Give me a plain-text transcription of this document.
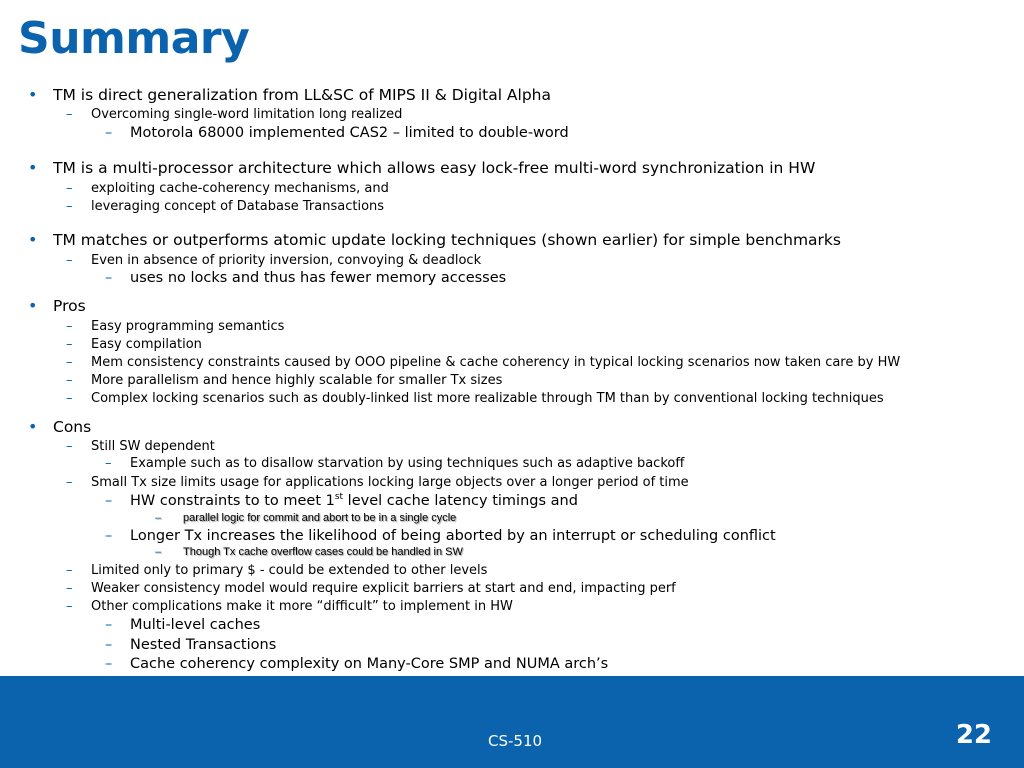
Summary
• TM is direct generalization from LL&SC of MIPS II & Digital Alpha
– Overcoming single-word limitation long realized
– Motorola 68000 implemented CAS2 – limited to double-word
• TM is a multi-processor architecture which allows easy lock-free multi-word synchronization in HW
– exploiting cache-coherency mechanisms, and
– leveraging concept of Database Transactions
• TM matches or outperforms atomic update locking techniques (shown earlier) for simple benchmarks
– Even in absence of priority inversion, convoying & deadlock
– uses no locks and thus has fewer memory accesses
• Pros
– Easy programming semantics
– Easy compilation
– Mem consistency constraints caused by OOO pipeline & cache coherency in typical locking scenarios now taken care by HW
– More parallelism and hence highly scalable for smaller Tx sizes
– Complex locking scenarios such as doubly-linked list more realizable through TM than by conventional locking techniques
• Cons
– Still SW dependent
– Example such as to disallow starvation by using techniques such as adaptive backoff
– Small Tx size limits usage for applications locking large objects over a longer period of time
– HW constraints to to meet 1st level cache latency timings and
– parallel logic for commit and abort to be in a single cycle
– Longer Tx increases the likelihood of being aborted by an interrupt or scheduling conflict
– Though Tx cache overflow cases could be handled in SW
– Limited only to primary $ - could be extended to other levels
– Weaker consistency model would require explicit barriers at start and end, impacting perf
– Other complications make it more “difficult” to implement in HW
– Multi-level caches
– Nested Transactions
– Cache coherency complexity on Many-Core SMP and NUMA arch’s
CS-510	22
